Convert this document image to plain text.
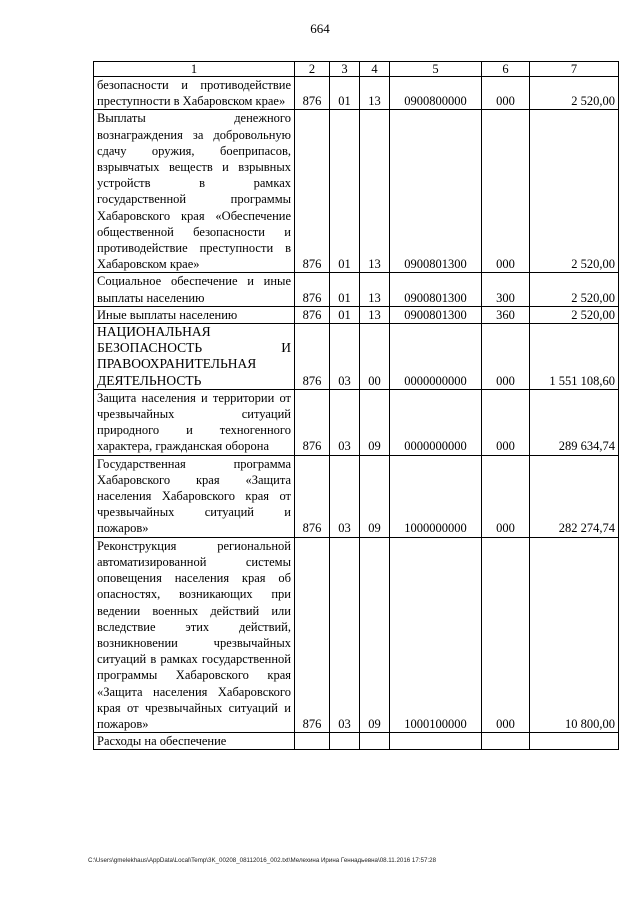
664
1	2	3	4	5	6	7
безопасности и противодействие преступности в Хабаровском крае»	876	01	13	0900800000	000	2 520,00
Выплаты денежного вознаграждения за добровольную сдачу оружия, боеприпасов, взрывчатых веществ и взрывных устройств в рамках государственной программы Хабаровского края «Обеспечение общественной безопасности и противодействие преступности в Хабаровском крае»	876	01	13	0900801300	000	2 520,00
Социальное обеспечение и иные выплаты населению	876	01	13	0900801300	300	2 520,00
Иные выплаты населению	876	01	13	0900801300	360	2 520,00
НАЦИОНАЛЬНАЯ БЕЗОПАСНОСТЬ И ПРАВООХРАНИТЕЛЬНАЯ ДЕЯТЕЛЬНОСТЬ	876	03	00	0000000000	000	1 551 108,60
Защита населения и территории от чрезвычайных ситуаций природного и техногенного характера, гражданская оборона	876	03	09	0000000000	000	289 634,74
Государственная программа Хабаровского края «Защита населения Хабаровского края от чрезвычайных ситуаций и пожаров»	876	03	09	1000000000	000	282 274,74
Реконструкция региональной автоматизированной системы оповещения населения края об опасностях, возникающих при ведении военных действий или вследствие этих действий, возникновении чрезвычайных ситуаций в рамках государственной программы Хабаровского края «Защита населения Хабаровского края от чрезвычайных ситуаций и пожаров»	876	03	09	1000100000	000	10 800,00
Расходы на обеспечение						
C:\Users\gmelekhaus\AppData\Local\Temp\3K_00208_08112016_002.txt\Мелехина Ирина Геннадьевна\08.11.2016 17:57:28
